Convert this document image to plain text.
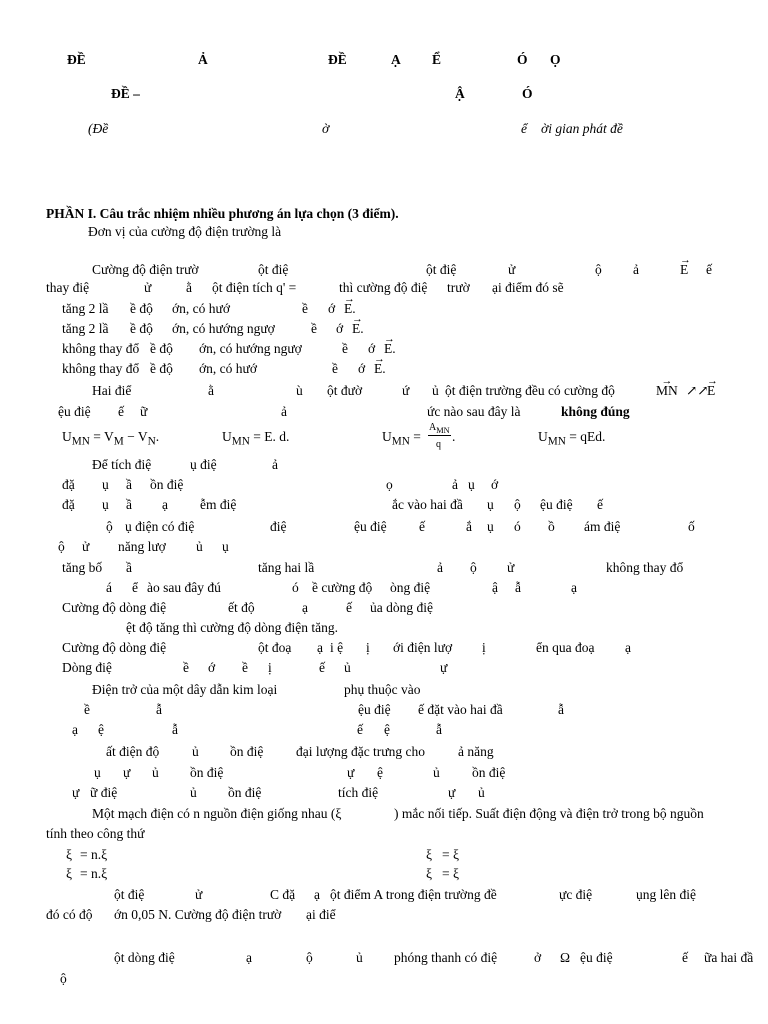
ĐỀ	Ả	ĐỀ	Ạ Ể	Ó Ọ
ĐỀ –	Ậ	Ó
(Đề	ờ	ể ời gian phát đề
PHẦN I. Câu trắc nhiệm nhiều phương án lựa chọn (3 điểm).
Đơn vị của cường độ điện trường là
Cường độ điện trườ	ột điệ	ột điệ	ử	ộ ả	→ E ế
thay điệ	ử	ằ ột điện tích q' =	thì cường độ điệ trườ ại điểm đó sẽ
tăng 2 lầ ề độ ớn, có hướ	ề ớ → E.
tăng 2 lầ ề độ ớn, có hướng ngượ	ề ớ → E.
không thay đổ ề độ ớn, có hướng ngượ	ề ớ → E.
không thay đổ ề độ ớn, có hướ	ề ớ → E.
Hai điể	ằ	ù ột đườ	ứ ủ ột điện trường đều có cường độ	→ MN ↗↗
→ E
ệu điệ ế ữ	ả	ức nào sau đây là	không đúng
$U_{MN} = V_M - V_N$.	$U_{MN} = E$. d.	$U_{MN}$ =
$A_{MN}$
q
.	$U_{MN}$ = qEd.
Để tích điệ	ụ điệ	ả
đặ ụ ầ ồn điệ	ọ	ả ụ ớ
đặ ụ ầ ạ ễm điệ	ắc vào hai đầ ụ ộ ệu điệ ế
ộ ụ điện có điệ	điệ	ệu điệ ế	ắ ụ ó ồ ám điệ	ố
ộ ử năng lượ ủ ụ
tăng bố ầ	tăng hai lầ	ả ộ ử	không thay đổ
á ể ào sau đây đú	ó ề cường độ òng điệ	ậ ẫ	ạ
Cường độ dòng điệ	ết độ	ạ	ế ủa dòng điệ
ệt độ tăng thì cường độ dòng điện tăng.
Cường độ dòng điệ	ột đoạ ạ i ệ ị ới điện lượ ị	ển qua đoạ ạ
Dòng điệ	ề ớ ề ị	ế ủ	ự
Điện trở của một dây dẫn kim loại	phụ thuộc vào
ề	ẫ	ệu điệ ế đặt vào hai đầ	ẫ
ạ ệ	ẫ	ế ệ	ẫ
ất điện độ ủ ồn điệ đại lượng đặc trưng cho ả năng
ụ ự ủ ồn điệ	ự ệ	ủ ồn điệ
ự ữ điệ	ủ ồn điệ	tích điệ	ự ủ
Một mạch điện có n nguồn điện giống nhau (ξ	) mắc nối tiếp. Suất điện động và điện trở trong bộ nguồn
tính theo công thứ
ξ = n.ξ	ξ = ξ
ξ = n.ξ	ξ = ξ
ột điệ	ử	C đặ ạ ột điểm A trong điện trường đề	ực điệ	ụng lên điệ
đó có độ ớn 0,05 N. Cường độ điện trườ ại điể
ột dòng điệ	ạ	ộ	ủ phóng thanh có điệ	ở Ω ệu điệ	ế ữa hai đầ
ộ
